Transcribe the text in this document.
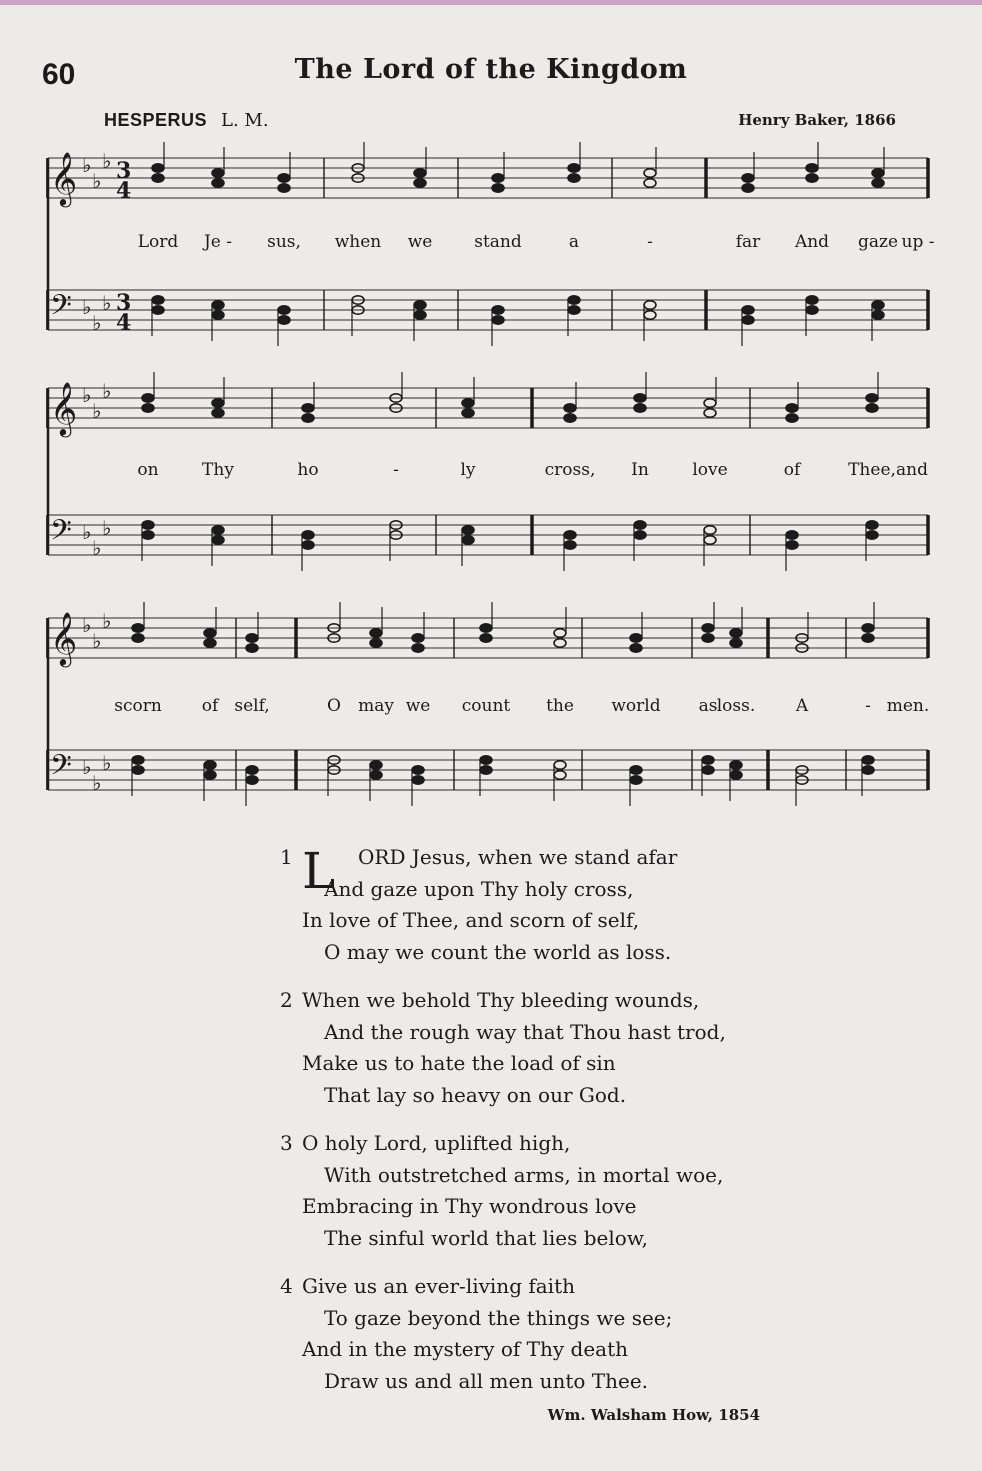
60	The Lord of the Kingdom
HESPERUS L. M.	Henry Baker, 1866
𝄞 ♭
♭
♭ 3
4
𝄢 ♭
♭
♭ 3
4
Lord Je - sus, when we stand	a	-	far And gaze up -
𝄞 ♭
♭
♭
𝄢 ♭
♭
♭
on	Thy	ho	-	ly	cross, In	love	of	Thee, and
𝄞 ♭
♭
♭
𝄢 ♭
♭
♭
scorn of self,	O may we count the world as loss. A	- men.
1 L ORD Jesus, when we stand afar
And gaze upon Thy holy cross,
In love of Thee, and scorn of self,
O may we count the world as loss.
2 When we behold Thy bleeding wounds,
And the rough way that Thou hast trod,
Make us to hate the load of sin
That lay so heavy on our God.
3 O holy Lord, uplifted high,
With outstretched arms, in mortal woe,
Embracing in Thy wondrous love
The sinful world that lies below,
4 Give us an ever-living faith
To gaze beyond the things we see;
And in the mystery of Thy death
Draw us and all men unto Thee.
Wm. Walsham How, 1854
